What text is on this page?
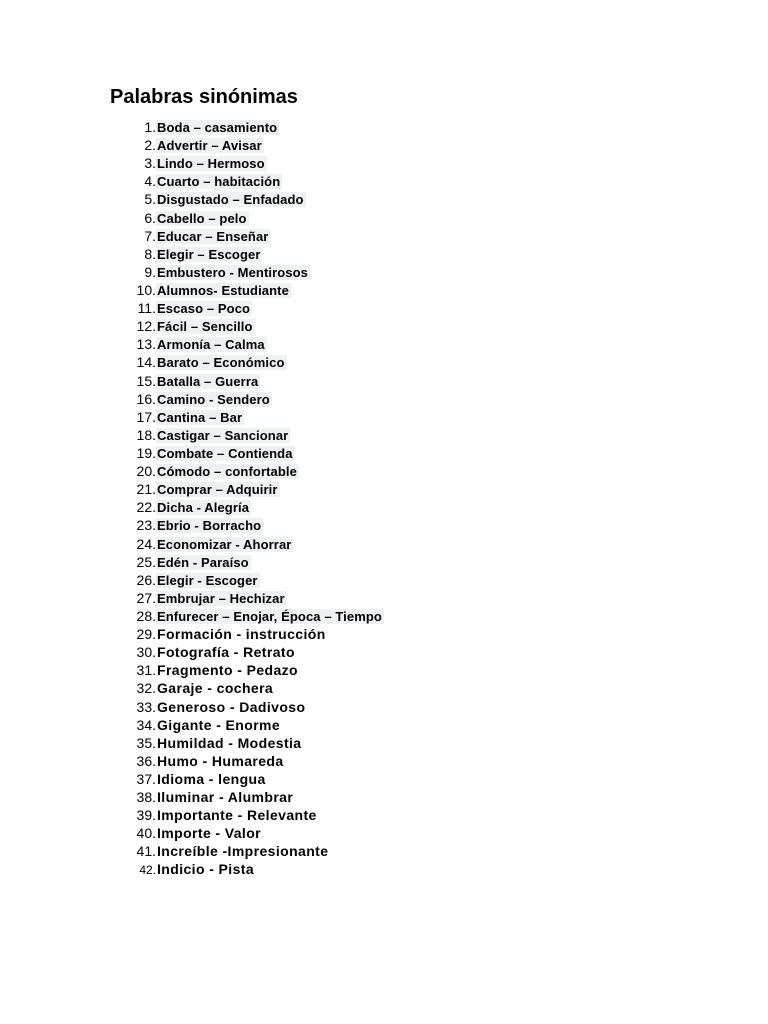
Palabras sinónimas
1. Boda – casamiento
2. Advertir – Avisar
3. Lindo – Hermoso
4. Cuarto – habitación
5. Disgustado – Enfadado
6. Cabello – pelo
7. Educar – Enseñar
8. Elegir – Escoger
9. Embustero - Mentirosos
10. Alumnos- Estudiante
11. Escaso – Poco
12. Fácil – Sencillo
13. Armonía – Calma
14. Barato – Económico
15. Batalla – Guerra
16. Camino - Sendero
17. Cantina – Bar
18. Castigar – Sancionar
19. Combate – Contienda
20. Cómodo – confortable
21. Comprar – Adquirir
22. Dicha - Alegría
23. Ebrio - Borracho
24. Economizar - Ahorrar
25. Edén - Paraíso
26. Elegir - Escoger
27. Embrujar – Hechizar
28. Enfurecer – Enojar, Época – Tiempo
29. Formación - instrucción
30. Fotografía - Retrato
31. Fragmento - Pedazo
32. Garaje - cochera
33. Generoso - Dadivoso
34. Gigante - Enorme
35. Humildad - Modestia
36. Humo - Humareda
37. Idioma - lengua
38. Iluminar - Alumbrar
39. Importante - Relevante
40. Importe - Valor
41. Increíble -Impresionante
42. Indicio - Pista
